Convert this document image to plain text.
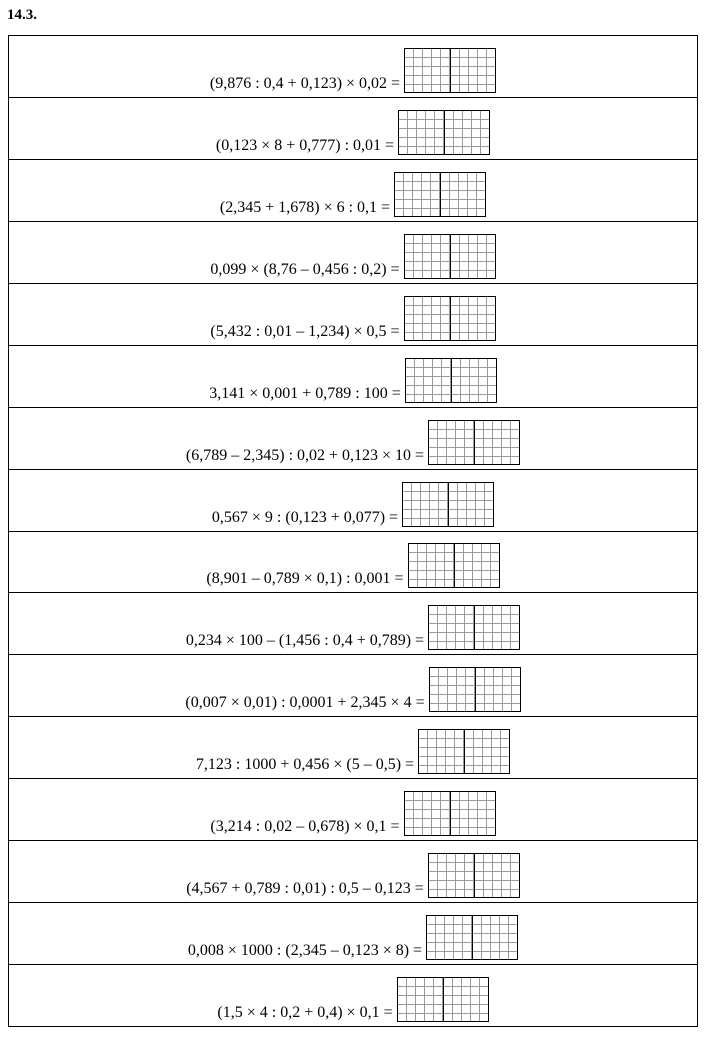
14.3.
(9,876 : 0,4 + 0,123) × 0,02 =
(0,123 × 8 + 0,777) : 0,01 =
(2,345 + 1,678) × 6 : 0,1 =
0,099 × (8,76 – 0,456 : 0,2) =
(5,432 : 0,01 – 1,234) × 0,5 =
3,141 × 0,001 + 0,789 : 100 =
(6,789 – 2,345) : 0,02 + 0,123 × 10 =
0,567 × 9 : (0,123 + 0,077) =
(8,901 – 0,789 × 0,1) : 0,001 =
0,234 × 100 – (1,456 : 0,4 + 0,789) =
(0,007 × 0,01) : 0,0001 + 2,345 × 4 =
7,123 : 1000 + 0,456 × (5 – 0,5) =
(3,214 : 0,02 – 0,678) × 0,1 =
(4,567 + 0,789 : 0,01) : 0,5 – 0,123 =
0,008 × 1000 : (2,345 – 0,123 × 8) =
(1,5 × 4 : 0,2 + 0,4) × 0,1 =
